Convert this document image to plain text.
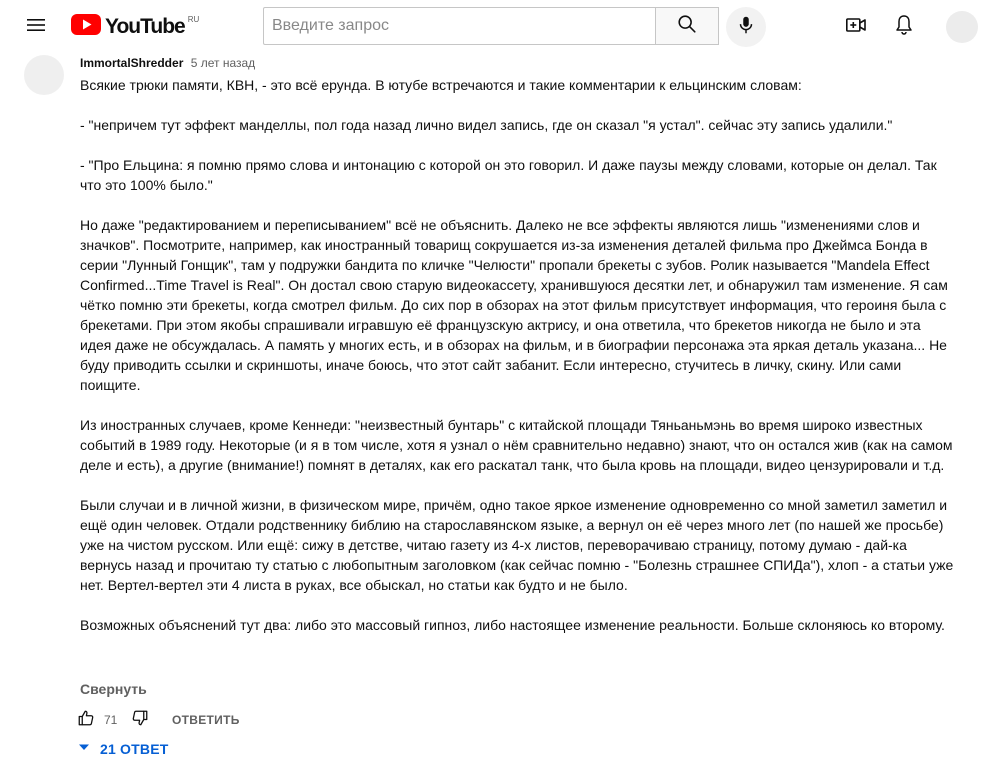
YouTube RU
Введите запрос
ImmortalShredder 5 лет назад

Всякие трюки памяти, КВН, - это всё ерунда. В ютубе встречаются и такие комментарии к ельцинским словам:

- "непричем тут эффект манделлы, пол года назад лично видел запись, где он сказал "я устал". сейчас эту запись удалили."

- "Про Ельцина: я помню прямо слова и интонацию с которой он это говорил. И даже паузы между словами, которые он делал. Так что это 100% было."

Но даже "редактированием и переписыванием" всё не объяснить. Далеко не все эффекты являются лишь "изменениями слов и значков". Посмотрите, например, как иностранный товарищ сокрушается из-за изменения деталей фильма про Джеймса Бонда в серии "Лунный Гонщик", там у подружки бандита по кличке "Челюсти" пропали брекеты с зубов. Ролик называется "Mandela Effect Confirmed...Time Travel is Real". Он достал свою старую видеокассету, хранившуюся десятки лет, и обнаружил там изменение. Я сам чётко помню эти брекеты, когда смотрел фильм. До сих пор в обзорах на этот фильм присутствует информация, что героиня была с брекетами. При этом якобы спрашивали игравшую её французскую актрису, и она ответила, что брекетов никогда не было и эта идея даже не обсуждалась. А память у многих есть, и в обзорах на фильм, и в биографии персонажа эта яркая деталь указана... Не буду приводить ссылки и скриншоты, иначе боюсь, что этот сайт забанит. Если интересно, стучитесь в личку, скину. Или сами поищите.

Из иностранных случаев, кроме Кеннеди: "неизвестный бунтарь" с китайской площади Тяньаньмэнь во время широко известных событий в 1989 году. Некоторые (и я в том числе, хотя я узнал о нём сравнительно недавно) знают, что он остался жив (как на самом деле и есть), а другие (внимание!) помнят в деталях, как его раскатал танк, что была кровь на площади, видео цензурировали и т.д.

Были случаи и в личной жизни, в физическом мире, причём, одно такое яркое изменение одновременно со мной заметил заметил и ещё один человек. Отдали родственнику библию на старославянском языке, а вернул он её через много лет (по нашей же просьбе) уже на чистом русском. Или ещё: сижу в детстве, читаю газету из 4-х листов, переворачиваю страницу, потому думаю - дай-ка вернусь назад и прочитаю ту статью с любопытным заголовком (как сейчас помню - "Болезнь страшнее СПИДа"), хлоп - а статьи уже нет. Вертел-вертел эти 4 листа в руках, все обыскал, но статьи как будто и не было.

Возможных объяснений тут два: либо это массовый гипноз, либо настоящее изменение реальности. Больше склоняюсь ко второму.

Свернуть
71	ОТВЕТИТЬ
21 ОТВЕТ
